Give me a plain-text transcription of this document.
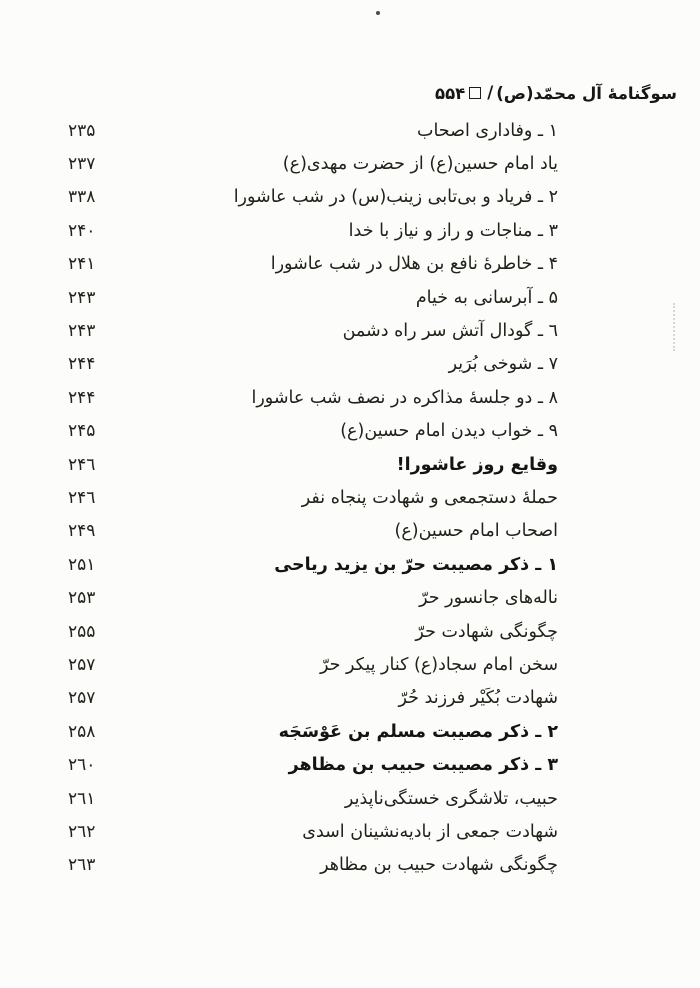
سوگنامهٔ آل محمّد(ص)
/
۵۵۴
۱ ـ وفاداری اصحاب
۲۳۵
یاد امام حسین(ع) از حضرت مهدی(ع)
۲۳۷
۲ ـ فریاد و بی‌تابی زینب(س) در شب عاشورا
۳۳۸
۳ ـ مناجات و راز و نیاز با خدا
۲۴۰
۴ ـ خاطرهٔ نافع بن هلال در شب عاشورا
۲۴۱
۵ ـ آبرسانی به خیام
۲۴۳
٦ ـ گودال آتش سر راه دشمن
۲۴۳
۷ ـ شوخی بُرَیر
۲۴۴
۸ ـ دو جلسهٔ مذاکره در نصف شب عاشورا
۲۴۴
۹ ـ خواب دیدن امام حسین(ع)
۲۴۵
وقایع روز عاشورا!
۲۴٦
حملهٔ دستجمعی و شهادت پنجاه نفر
۲۴٦
اصحاب امام حسین(ع)
۲۴۹
۱ ـ ذکر مصیبت حرّ بن یزید ریاحی
۲۵۱
ناله‌های جانسور حرّ
۲۵۳
چگونگی شهادت حرّ
۲۵۵
سخن امام سجاد(ع) کنار پیکر حرّ
۲۵۷
شهادت بُکَیْر فرزند حُرّ
۲۵۷
۲ ـ ذکر مصیبت مسلم بن عَوْسَجَه
۲۵۸
۳ ـ ذکر مصیبت حبیب بن مظاهر
۲٦۰
حبیب، تلاشگری خستگی‌ناپذیر
۲٦۱
شهادت جمعی از بادیه‌نشینان اسدی
۲٦۲
چگونگی شهادت حبیب بن مظاهر
۲٦۳
